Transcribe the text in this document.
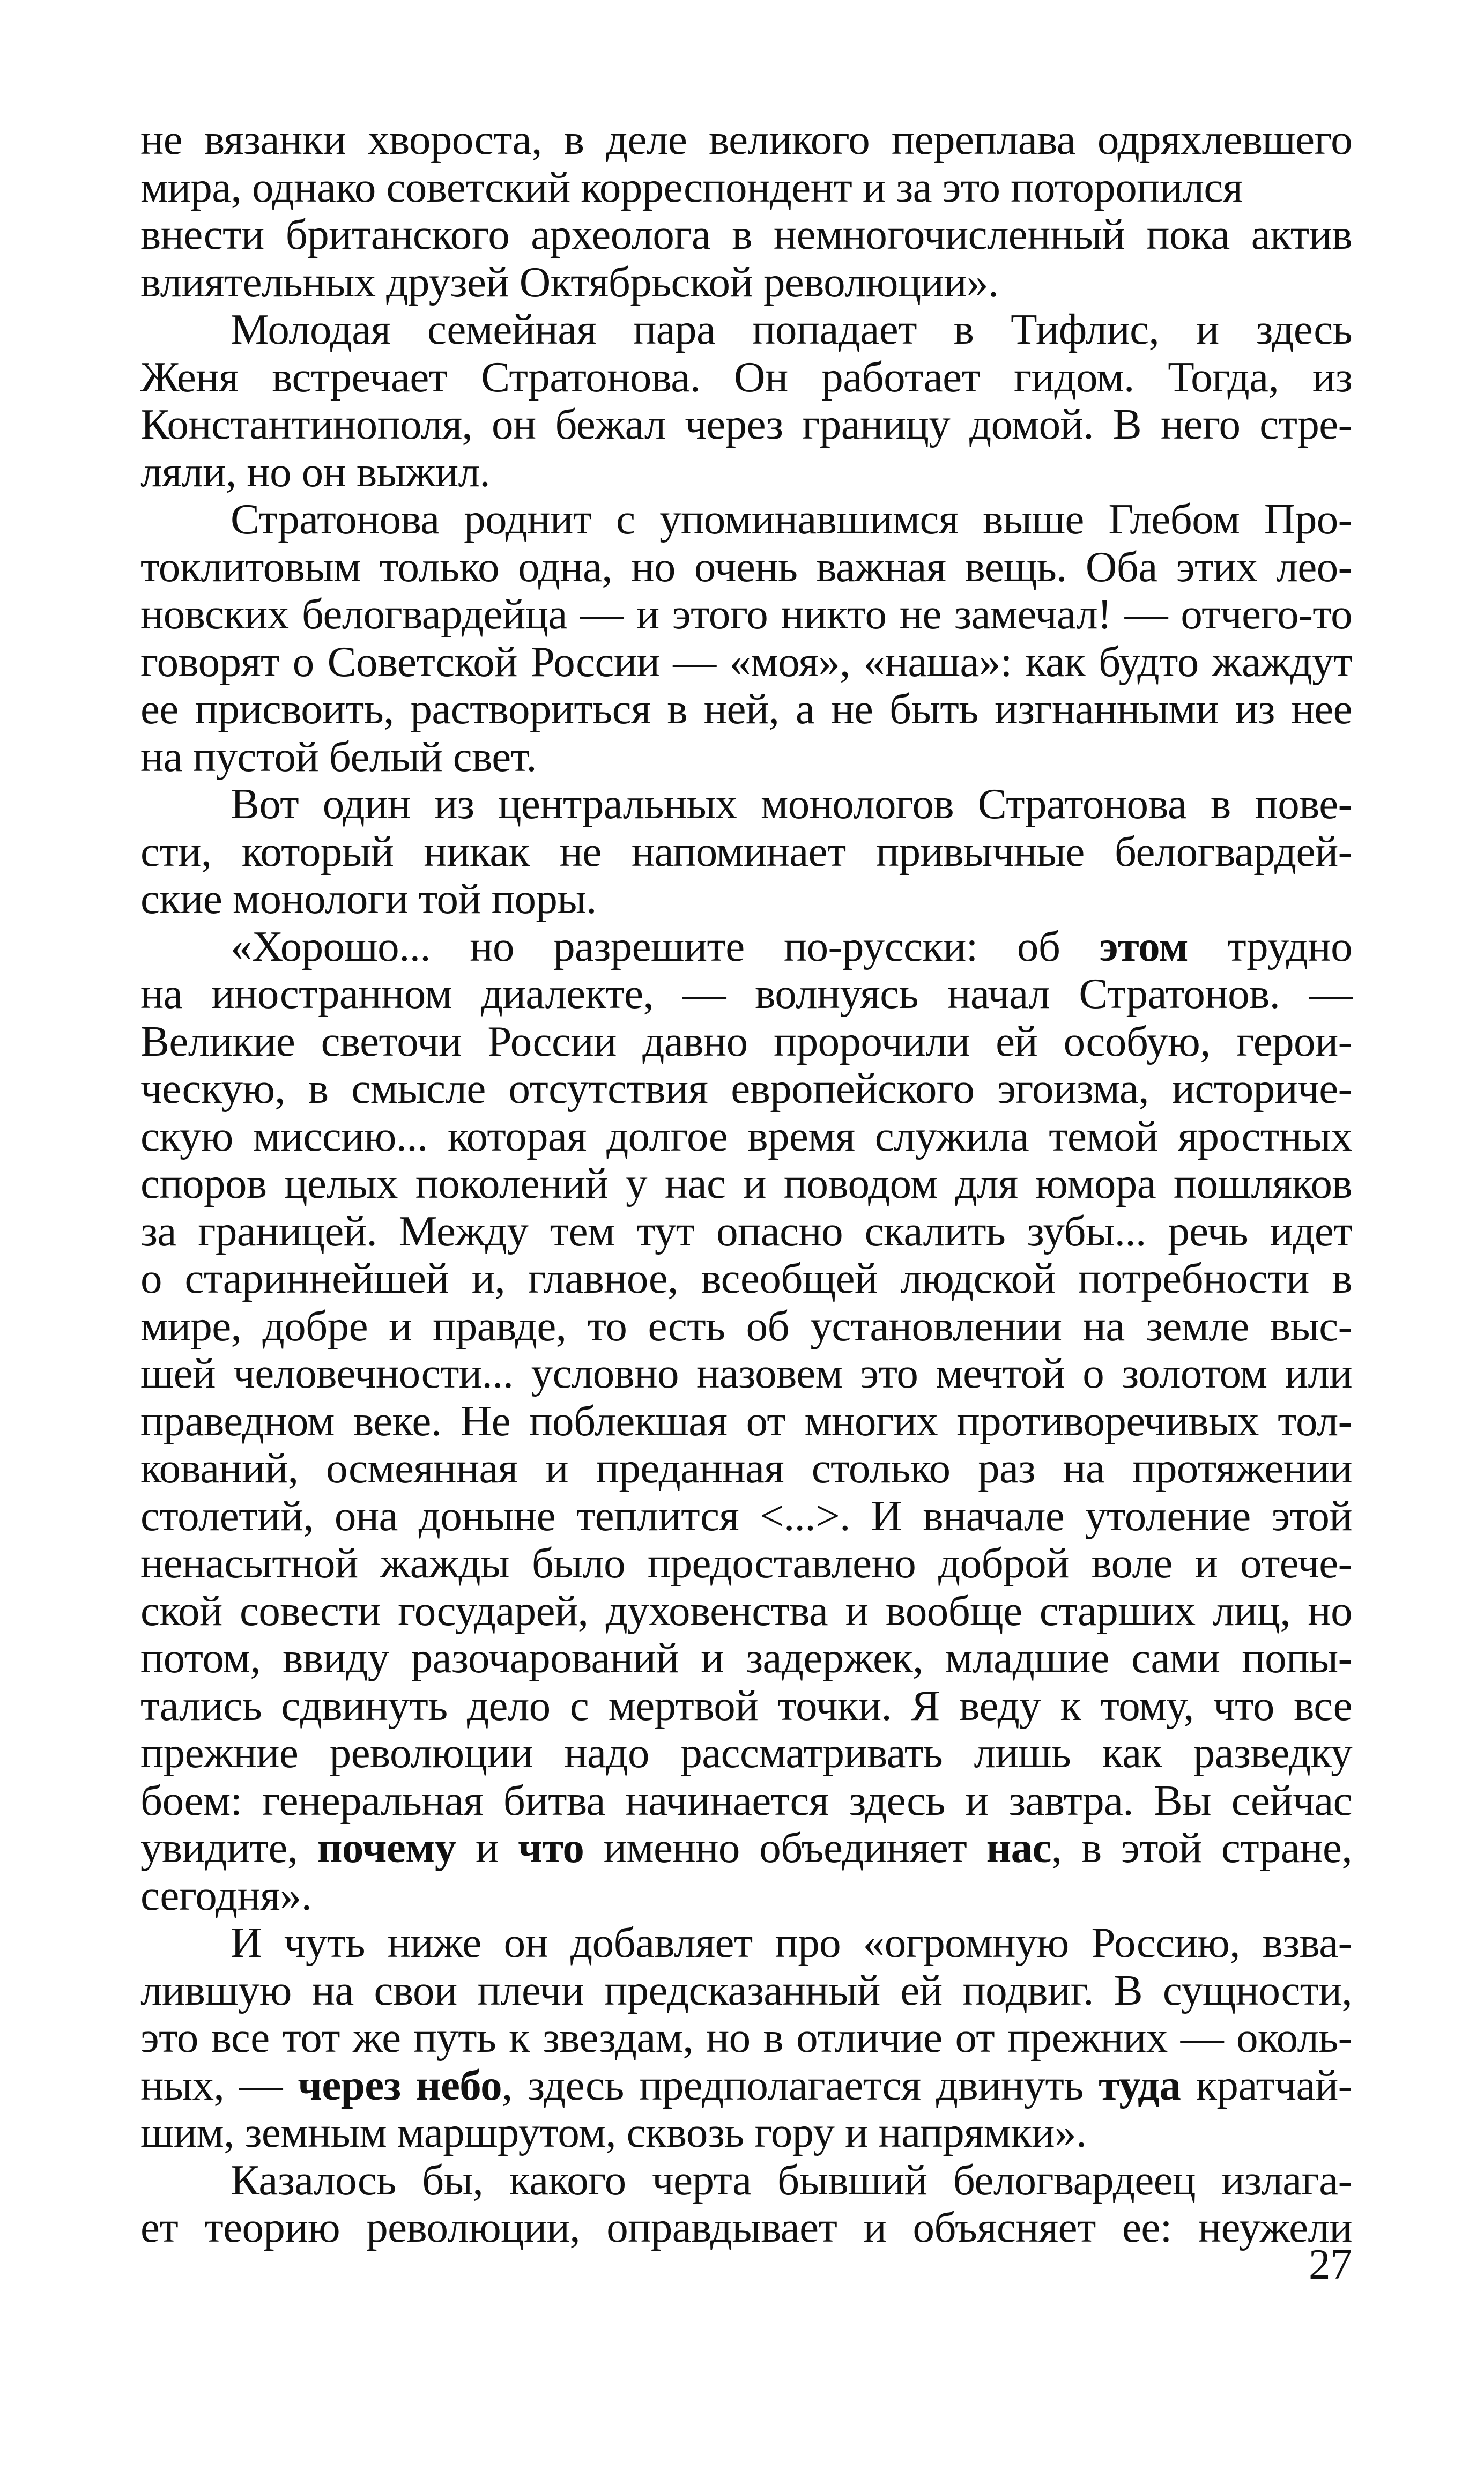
не вязанки хвороста, в деле великого переплава одряхлевшего
мира, однако советский корреспондент и за это поторопился
внести британского археолога в немногочисленный пока актив
влиятельных друзей Октябрьской революции».
Молодая семейная пара попадает в Тифлис, и здесь
Женя встречает Стратонова. Он работает гидом. Тогда, из
Константинополя, он бежал через границу домой. В него стре-
ляли, но он выжил.
Стратонова роднит с упоминавшимся выше Глебом Про-
токлитовым только одна, но очень важная вещь. Оба этих лео-
новских белогвардейца — и этого никто не замечал! — отчего-то
говорят о Советской России — «моя», «наша»: как будто жаждут
ее присвоить, раствориться в ней, а не быть изгнанными из нее
на пустой белый свет.
Вот один из центральных монологов Стратонова в пове-
сти, который никак не напоминает привычные белогвардей-
ские монологи той поры.
«Хорошо... но разрешите по-русски: об этом трудно
на иностранном диалекте, — волнуясь начал Стратонов. —
Великие светочи России давно пророчили ей особую, герои-
ческую, в смысле отсутствия европейского эгоизма, историче-
скую миссию... которая долгое время служила темой яростных
споров целых поколений у нас и поводом для юмора пошляков
за границей. Между тем тут опасно скалить зубы... речь идет
о стариннейшей и, главное, всеобщей людской потребности в
мире, добре и правде, то есть об установлении на земле выс-
шей человечности... условно назовем это мечтой о золотом или
праведном веке. Не поблекшая от многих противоречивых тол-
кований, осмеянная и преданная столько раз на протяжении
столетий, она доныне теплится <...>. И вначале утоление этой
ненасытной жажды было предоставлено доброй воле и отече-
ской совести государей, духовенства и вообще старших лиц, но
потом, ввиду разочарований и задержек, младшие сами попы-
тались сдвинуть дело с мертвой точки. Я веду к тому, что все
прежние революции надо рассматривать лишь как разведку
боем: генеральная битва начинается здесь и завтра. Вы сейчас
увидите, почему и что именно объединяет нас, в этой стране,
сегодня».
И чуть ниже он добавляет про «огромную Россию, взва-
лившую на свои плечи предсказанный ей подвиг. В сущности,
это все тот же путь к звездам, но в отличие от прежних — околь-
ных, — через небо, здесь предполагается двинуть туда кратчай-
шим, земным маршрутом, сквозь гору и напрямки».
Казалось бы, какого черта бывший белогвардеец излага-
ет теорию революции, оправдывает и объясняет ее: неужели
27
